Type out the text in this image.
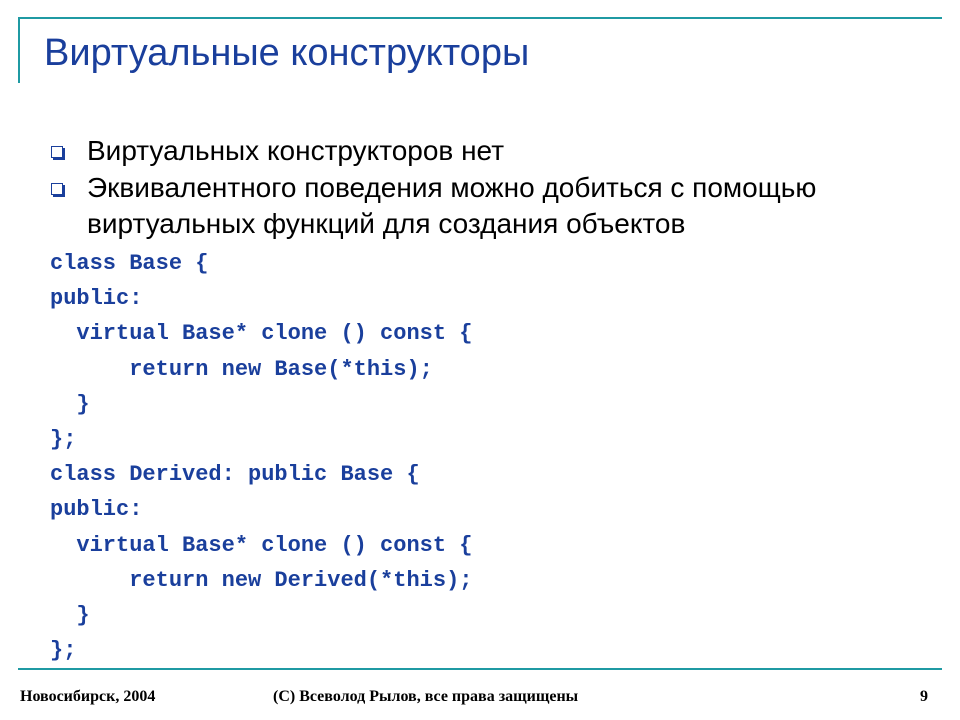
Виртуальные конструкторы
Виртуальных конструкторов нет
Эквивалентного поведения можно добиться с помощью виртуальных функций для создания объектов
class Base {
public:
virtual Base* clone () const {
return new Base(*this);
}
};
class Derived: public Base {
public:
virtual Base* clone () const {
return new Derived(*this);
}
};
Новосибирск, 2004	(C) Всеволод Рылов, все права защищены	9
